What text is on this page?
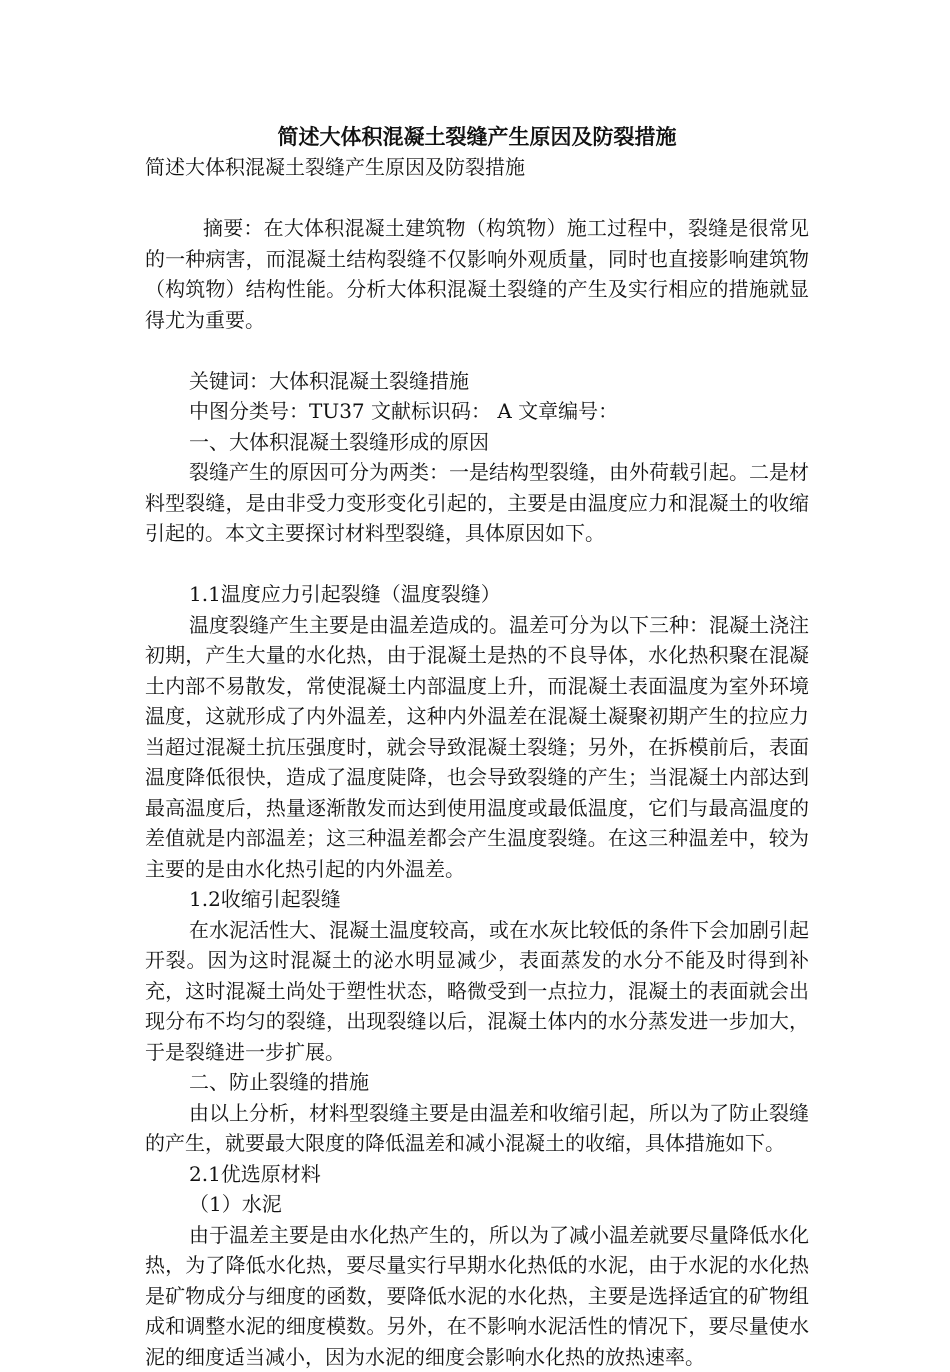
简述大体积混凝土裂缝产生原因及防裂措施

简述大体积混凝土裂缝产生原因及防裂措施

摘要：在大体积混凝土建筑物（构筑物）施工过程中，裂缝是很常见的一种病害，而混凝土结构裂缝不仅影响外观质量，同时也直接影响建筑物（构筑物）结构性能。分析大体积混凝土裂缝的产生及实行相应的措施就显得尤为重要。

关键词：大体积混凝土裂缝措施

中图分类号：TU37 文献标识码： A 文章编号：

一、大体积混凝土裂缝形成的原因

裂缝产生的原因可分为两类：一是结构型裂缝，由外荷载引起。二是材料型裂缝，是由非受力变形变化引起的，主要是由温度应力和混凝土的收缩引起的。本文主要探讨材料型裂缝，具体原因如下。

1.1温度应力引起裂缝（温度裂缝）

温度裂缝产生主要是由温差造成的。温差可分为以下三种：混凝土浇注初期，产生大量的水化热，由于混凝土是热的不良导体，水化热积聚在混凝土内部不易散发，常使混凝土内部温度上升，而混凝土表面温度为室外环境温度，这就形成了内外温差，这种内外温差在混凝土凝聚初期产生的拉应力当超过混凝土抗压强度时，就会导致混凝土裂缝；另外，在拆模前后，表面温度降低很快，造成了温度陡降，也会导致裂缝的产生；当混凝土内部达到最高温度后，热量逐渐散发而达到使用温度或最低温度，它们与最高温度的差值就是内部温差；这三种温差都会产生温度裂缝。在这三种温差中，较为主要的是由水化热引起的内外温差。

1.2收缩引起裂缝

在水泥活性大、混凝土温度较高，或在水灰比较低的条件下会加剧引起开裂。因为这时混凝土的泌水明显减少，表面蒸发的水分不能及时得到补充，这时混凝土尚处于塑性状态，略微受到一点拉力，混凝土的表面就会出现分布不均匀的裂缝，出现裂缝以后，混凝土体内的水分蒸发进一步加大，于是裂缝进一步扩展。

二、防止裂缝的措施

由以上分析，材料型裂缝主要是由温差和收缩引起，所以为了防止裂缝的产生，就要最大限度的降低温差和减小混凝土的收缩，具体措施如下。

2.1优选原材料

（1）水泥

由于温差主要是由水化热产生的，所以为了减小温差就要尽量降低水化热，为了降低水化热，要尽量实行早期水化热低的水泥，由于水泥的水化热是矿物成分与细度的函数，要降低水泥的水化热，主要是选择适宜的矿物组成和调整水泥的细度模数。另外，在不影响水泥活性的情况下，要尽量使水泥的细度适当减小，因为水泥的细度会影响水化热的放热速率。
